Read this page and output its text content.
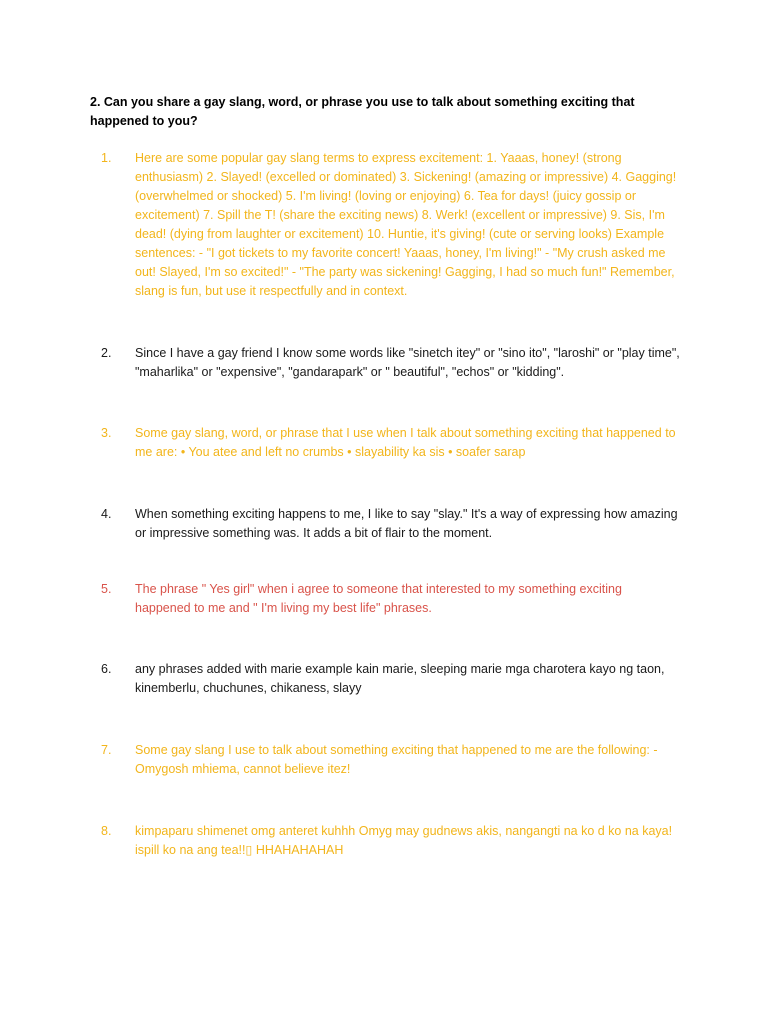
2. Can you share a gay slang, word, or phrase you use to talk about something exciting that happened to you?

1.	Here are some popular gay slang terms to express excitement: 1. Yaaas, honey! (strong enthusiasm) 2. Slayed! (excelled or dominated) 3. Sickening! (amazing or impressive) 4. Gagging! (overwhelmed or shocked) 5. I'm living! (loving or enjoying) 6. Tea for days! (juicy gossip or excitement) 7. Spill the T! (share the exciting news) 8. Werk! (excellent or impressive) 9. Sis, I'm dead! (dying from laughter or excitement) 10. Huntie, it's giving! (cute or serving looks) Example sentences: - "I got tickets to my favorite concert! Yaaas, honey, I'm living!" - "My crush asked me out! Slayed, I'm so excited!" - "The party was sickening! Gagging, I had so much fun!" Remember, slang is fun, but use it respectfully and in context.
2.	Since I have a gay friend I know some words like "sinetch itey" or "sino ito", "laroshi" or "play time", "maharlika" or "expensive", "gandarapark" or " beautiful", "echos" or "kidding".
3.	Some gay slang, word, or phrase that I use when I talk about something exciting that happened to me are: • You atee and left no crumbs • slayability ka sis • soafer sarap
4.	When something exciting happens to me, I like to say "slay." It's a way of expressing how amazing or impressive something was. It adds a bit of flair to the moment.
5.	The phrase " Yes girl" when i agree to someone that interested to my something exciting happened to me and " I'm living my best life" phrases.
6.	any phrases added with marie example kain marie, sleeping marie mga charotera kayo ng taon, kinemberlu, chuchunes, chikaness, slayy
7.	Some gay slang I use to talk about something exciting that happened to me are the following: - Omygosh mhiema, cannot believe itez!
8.	kimpaparu shimenet omg anteret kuhhh Omyg may gudnews akis, nangangti na ko d ko na kaya! ispill ko na ang tea!!▯ HHAHAHAHAH
